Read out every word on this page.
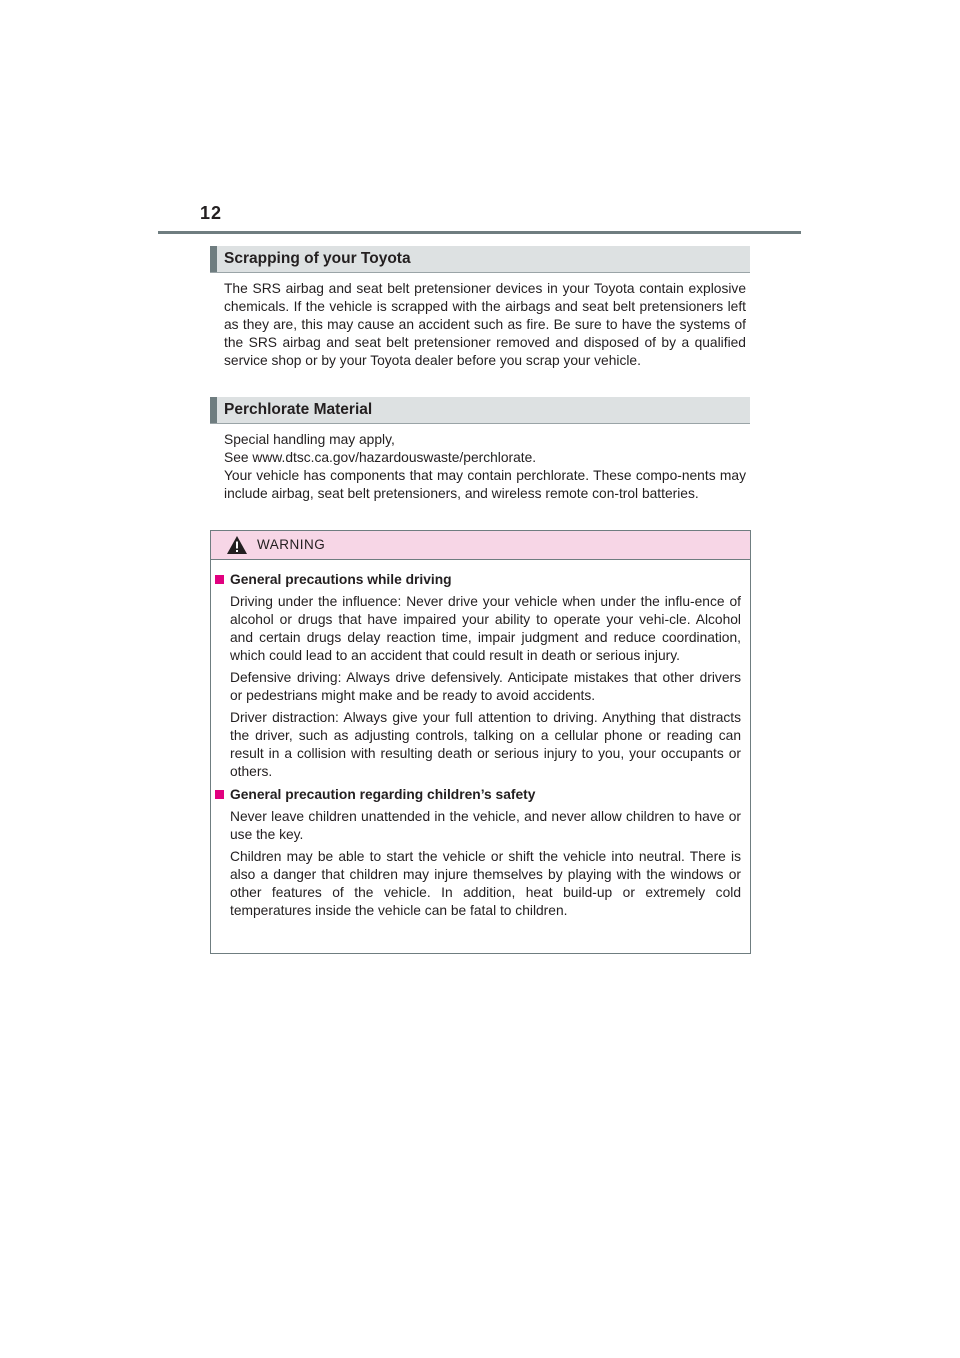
12
Scrapping of your Toyota

The SRS airbag and seat belt pretensioner devices in your Toyota contain explosive chemicals. If the vehicle is scrapped with the airbags and seat belt pretensioners left as they are, this may cause an accident such as fire. Be sure to have the systems of the SRS airbag and seat belt pretensioner removed and disposed of by a qualified service shop or by your Toyota dealer before you scrap your vehicle.

Perchlorate Material

Special handling may apply,

See www.dtsc.ca.gov/hazardouswaste/perchlorate.

Your vehicle has components that may contain perchlorate. These compo-nents may include airbag, seat belt pretensioners, and wireless remote con-trol batteries.

WARNING
General precautions while driving

Driving under the influence: Never drive your vehicle when under the influ-ence of alcohol or drugs that have impaired your ability to operate your vehi-cle. Alcohol and certain drugs delay reaction time, impair judgment and reduce coordination, which could lead to an accident that could result in death or serious injury.

Defensive driving: Always drive defensively. Anticipate mistakes that other drivers or pedestrians might make and be ready to avoid accidents.

Driver distraction: Always give your full attention to driving. Anything that distracts the driver, such as adjusting controls, talking on a cellular phone or reading can result in a collision with resulting death or serious injury to you, your occupants or others.

General precaution regarding children’s safety

Never leave children unattended in the vehicle, and never allow children to have or use the key.

Children may be able to start the vehicle or shift the vehicle into neutral. There is also a danger that children may injure themselves by playing with the windows or other features of the vehicle. In addition, heat build-up or extremely cold temperatures inside the vehicle can be fatal to children.
